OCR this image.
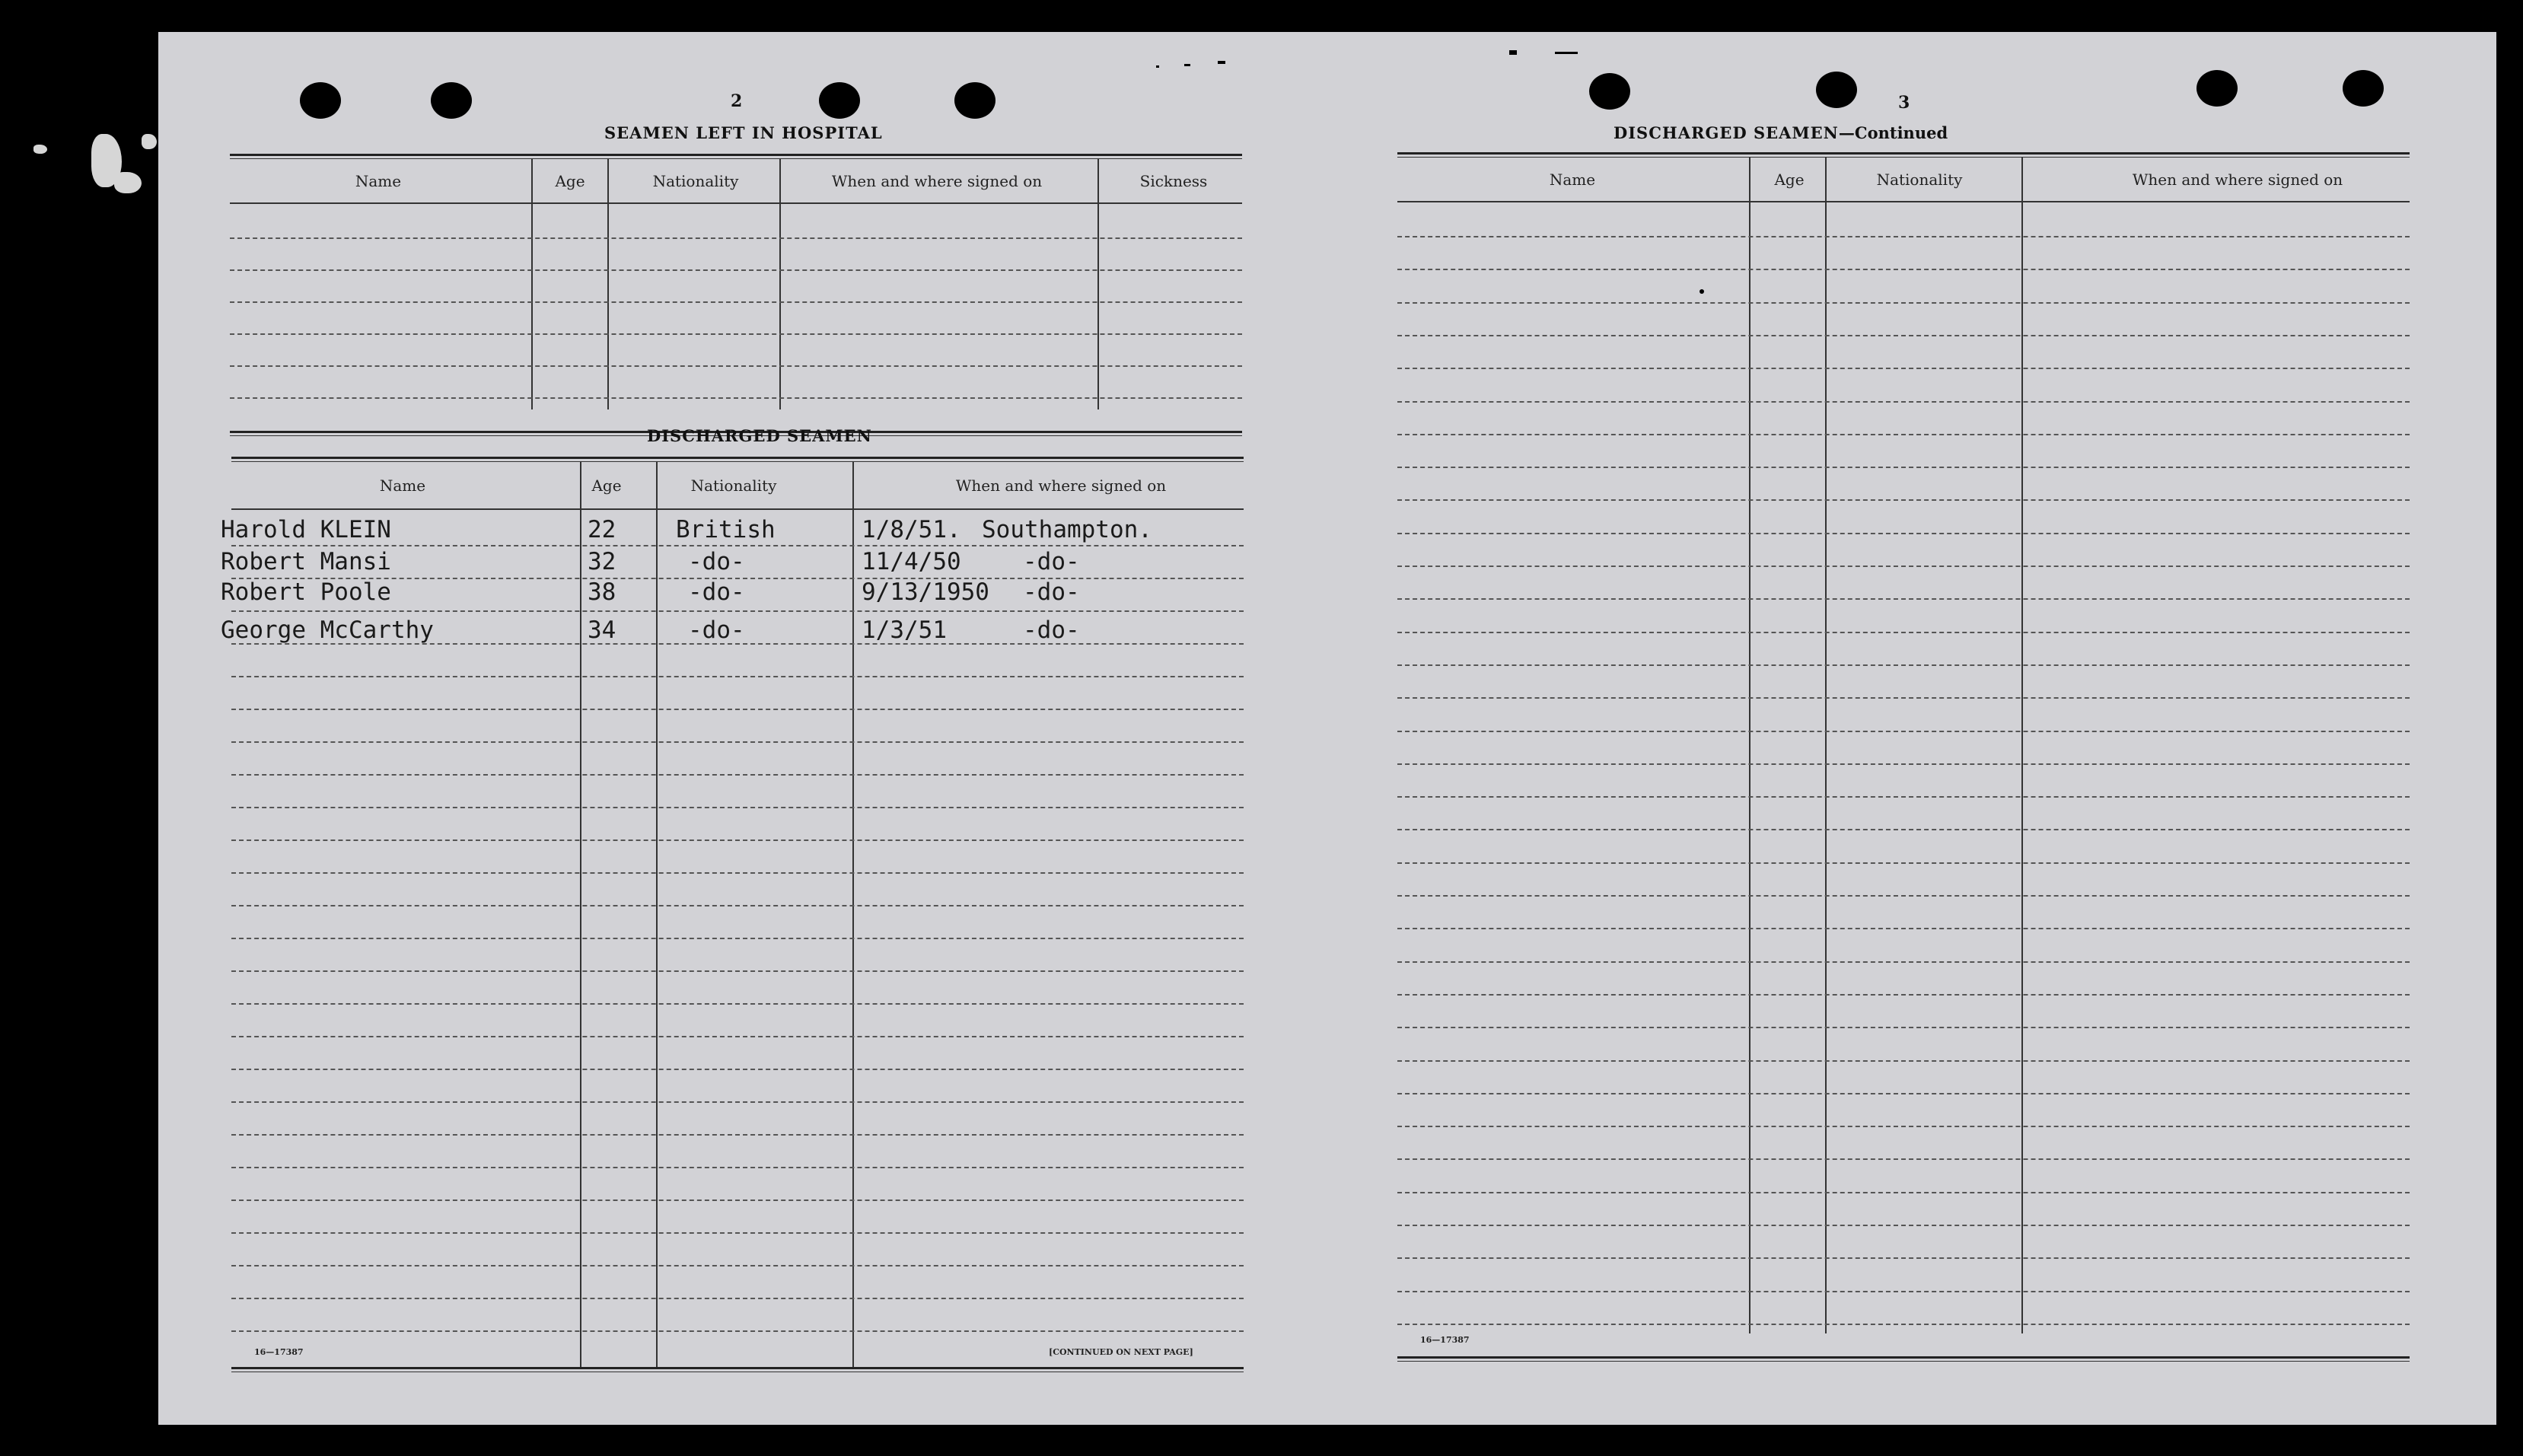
2
SEAMEN LEFT IN HOSPITAL
Name	Age	Nationality	When and where signed on	Sickness
DISCHARGED SEAMEN
Name	Age	Nationality	When and where signed on
Harold KLEIN	22	British	1/8/51. Southampton.
Robert Mansi	32	-do-	11/4/50	-do-
Robert Poole	38	-do-	9/13/1950 -do-
George McCarthy	34	-do-	1/3/51	-do-
16—17387	[CONTINUED ON NEXT PAGE]
3
DISCHARGED SEAMEN—Continued
Name	Age	Nationality	When and where signed on
16—17387
